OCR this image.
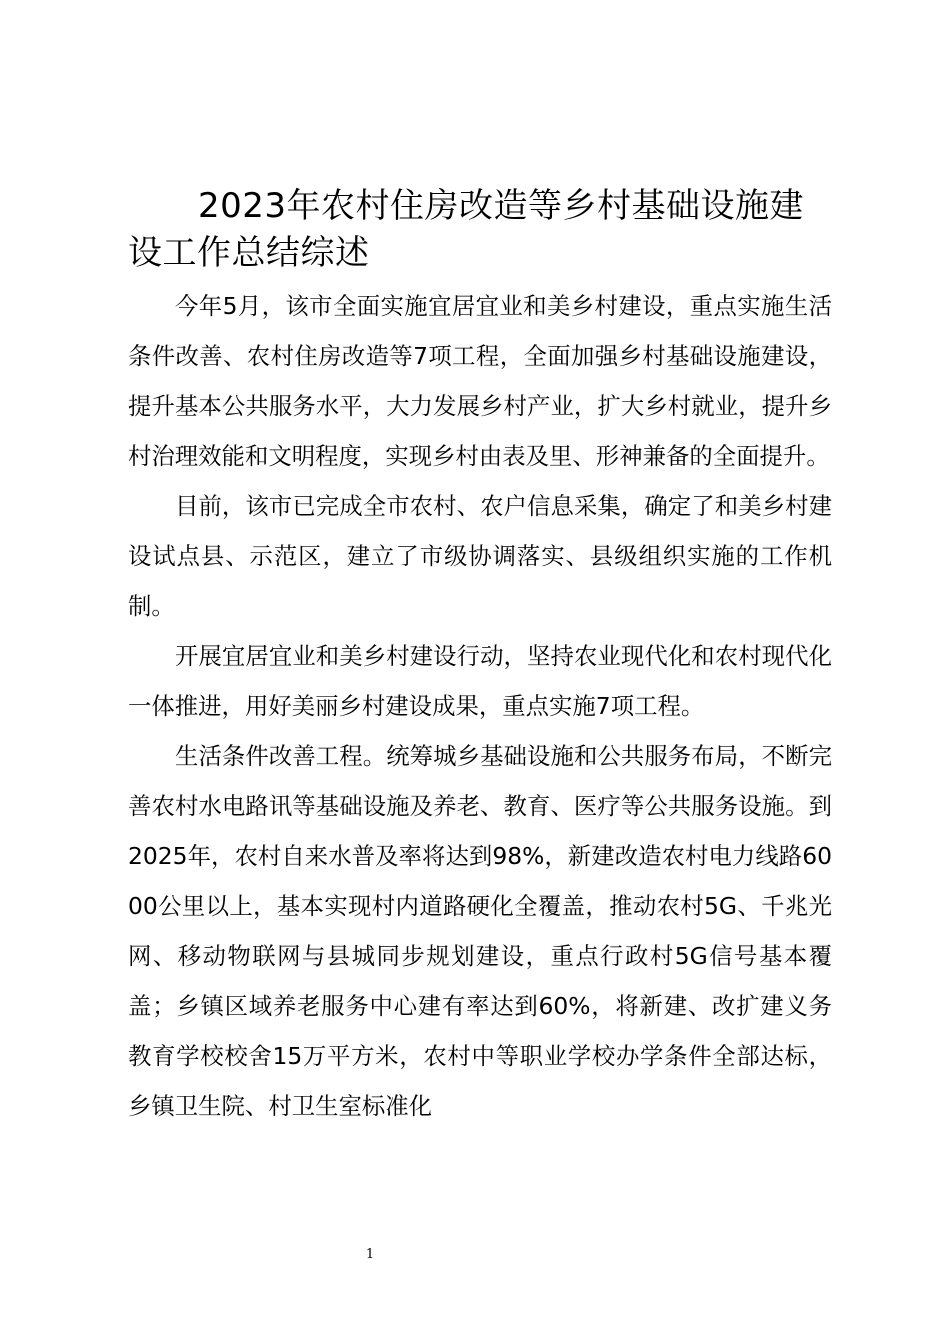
2023年农村住房改造等乡村基础设施建设工作总结综述

今年5月，该市全面实施宜居宜业和美乡村建设，重点实施生活条件改善、农村住房改造等7项工程，全面加强乡村基础设施建设，提升基本公共服务水平，大力发展乡村产业，扩大乡村就业，提升乡村治理效能和文明程度，实现乡村由表及里、形神兼备的全面提升。

目前，该市已完成全市农村、农户信息采集，确定了和美乡村建设试点县、示范区，建立了市级协调落实、县级组织实施的工作机制。

开展宜居宜业和美乡村建设行动，坚持农业现代化和农村现代化一体推进，用好美丽乡村建设成果，重点实施7项工程。

生活条件改善工程。统筹城乡基础设施和公共服务布局，不断完善农村水电路讯等基础设施及养老、教育、医疗等公共服务设施。到2025年，农村自来水普及率将达到98%，新建改造农村电力线路6000公里以上，基本实现村内道路硬化全覆盖，推动农村5G、千兆光网、移动物联网与县城同步规划建设，重点行政村5G信号基本覆盖；乡镇区域养老服务中心建有率达到60%，将新建、改扩建义务教育学校校舍15万平方米，农村中等职业学校办学条件全部达标，乡镇卫生院、村卫生室标准化

1
